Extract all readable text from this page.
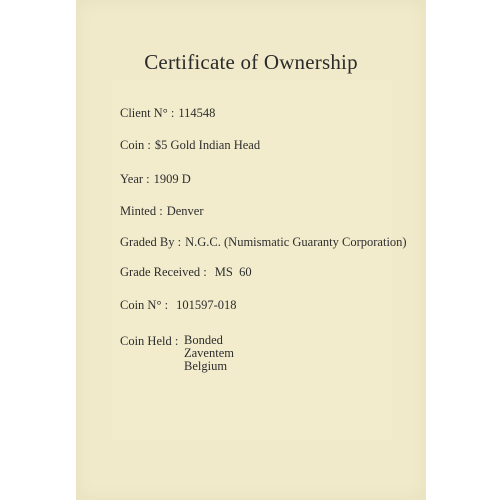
Certificate of Ownership
Client N° : 114548
Coin : $5 Gold Indian Head
Year : 1909 D
Minted : Denver
Graded By : N.G.C. (Numismatic Guaranty Corporation)
Grade Received : MS  60
Coin N° : 101597-018
Coin Held : Bonded
Zaventem
Belgium
